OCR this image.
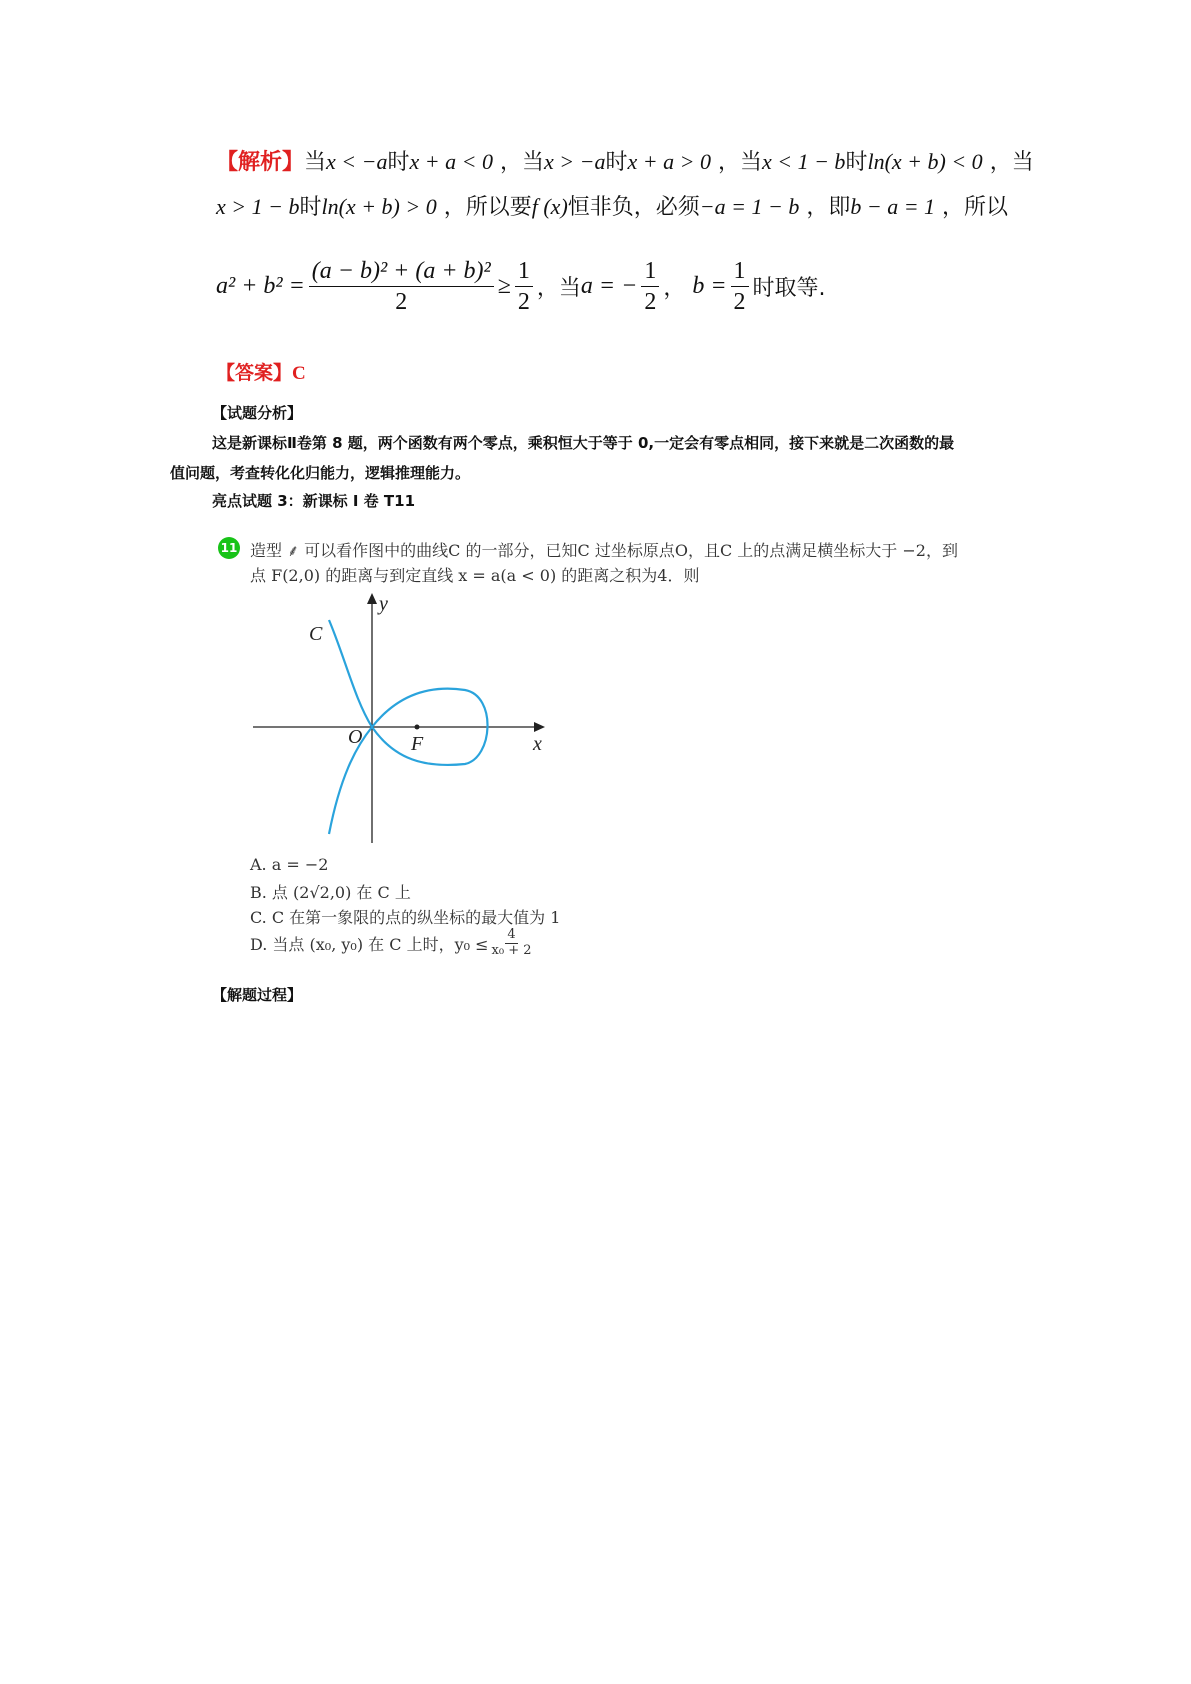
【解析】当x < −a时x + a < 0 ，当x > −a时x + a > 0 ，当x < 1 − b时ln(x + b) < 0 ，当
x > 1 − b时ln(x + b) > 0 ，所以要f (x)恒非负，必须−a = 1 − b ，即b − a = 1 ，所以
$a^2 + b^2 = \frac{\text{(a − b)² + (a + b)²}}{2} \ge \frac{1}{2}$ ，当 a = − $\frac{1}{2}$ ，
$b = \frac{1}{2}$ 时取等.
【答案】C
【试题分析】
这是新课标Ⅱ卷第 8 题，两个函数有两个零点，乘积恒大于等于 0,一定会有零点相同，接下来就是二次函数的最
值问题，考查转化化归能力，逻辑推理能力。
亮点试题 3：新课标 I 卷 T11
11 造型 ⸙ 可以看作图中的曲线C 的一部分，已知C 过坐标原点O，且C 上的点满足横坐标大于 −2，到
点 F(2,0) 的距离与到定直线 x = a(a < 0) 的距离之积为4．则
C
y
x
O F
A. a = −2
B. 点 (2√2,0) 在 C 上
C. C 在第一象限的点的纵坐标的最大值为 1
D. 当点 (x₀, y₀) 在 C 上时，$y_0 \le \frac{4}{\text{x₀ + 2}}$
【解题过程】
